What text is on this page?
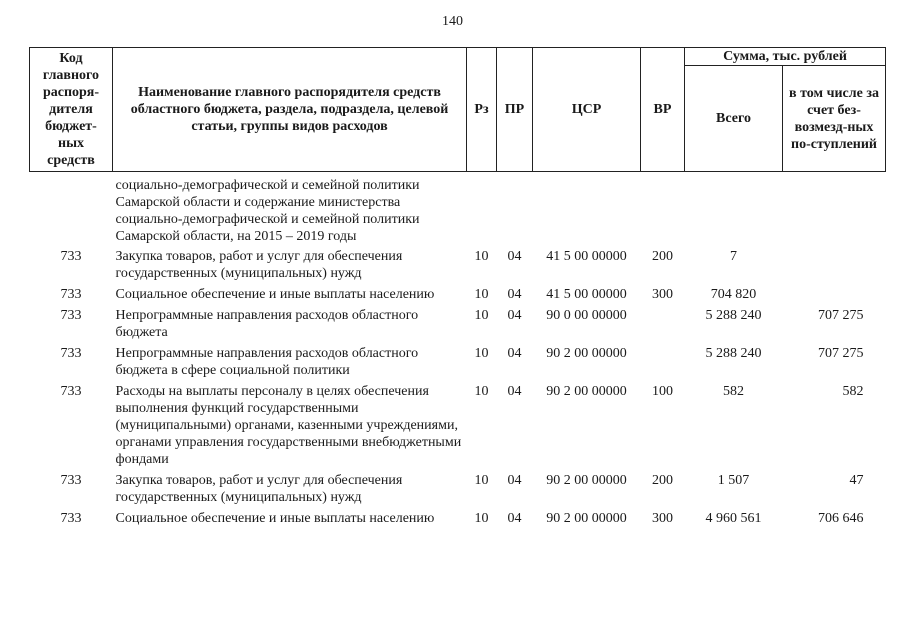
140
Код главного распоря-дителя бюджет-ных средств	Наименование главного распорядителя средств областного бюджета, раздела, подраздела, целевой статьи, группы видов расходов	Рз	ПР	ЦСР	ВР	Сумма, тыс. рублей	
						Всего	в том числе за счет без-возмезд-ных по-ступлений
	социально-демографической и семейной политики Самарской области и содержание министерства социально-демографической и семейной политики Самарской области, на 2015 – 2019 годы						
733	Закупка товаров, работ и услуг для обеспечения государственных (муниципальных) нужд	10	04	41 5 00 00000	200	7	
733	Социальное обеспечение и иные выплаты населению	10	04	41 5 00 00000	300	704 820	
733	Непрограммные направления расходов областного бюджета	10	04	90 0 00 00000		5 288 240	707 275
733	Непрограммные направления расходов областного бюджета в сфере социальной политики	10	04	90 2 00 00000		5 288 240	707 275
733	Расходы на выплаты персоналу в целях обеспечения выполнения функций государственными (муниципальными) органами, казенными учреждениями, органами управления государственными внебюджетными фондами	10	04	90 2 00 00000	100	582	582
733	Закупка товаров, работ и услуг для обеспечения государственных (муниципальных) нужд	10	04	90 2 00 00000	200	1 507	47
733	Социальное обеспечение и иные выплаты населению	10	04	90 2 00 00000	300	4 960 561	706 646
